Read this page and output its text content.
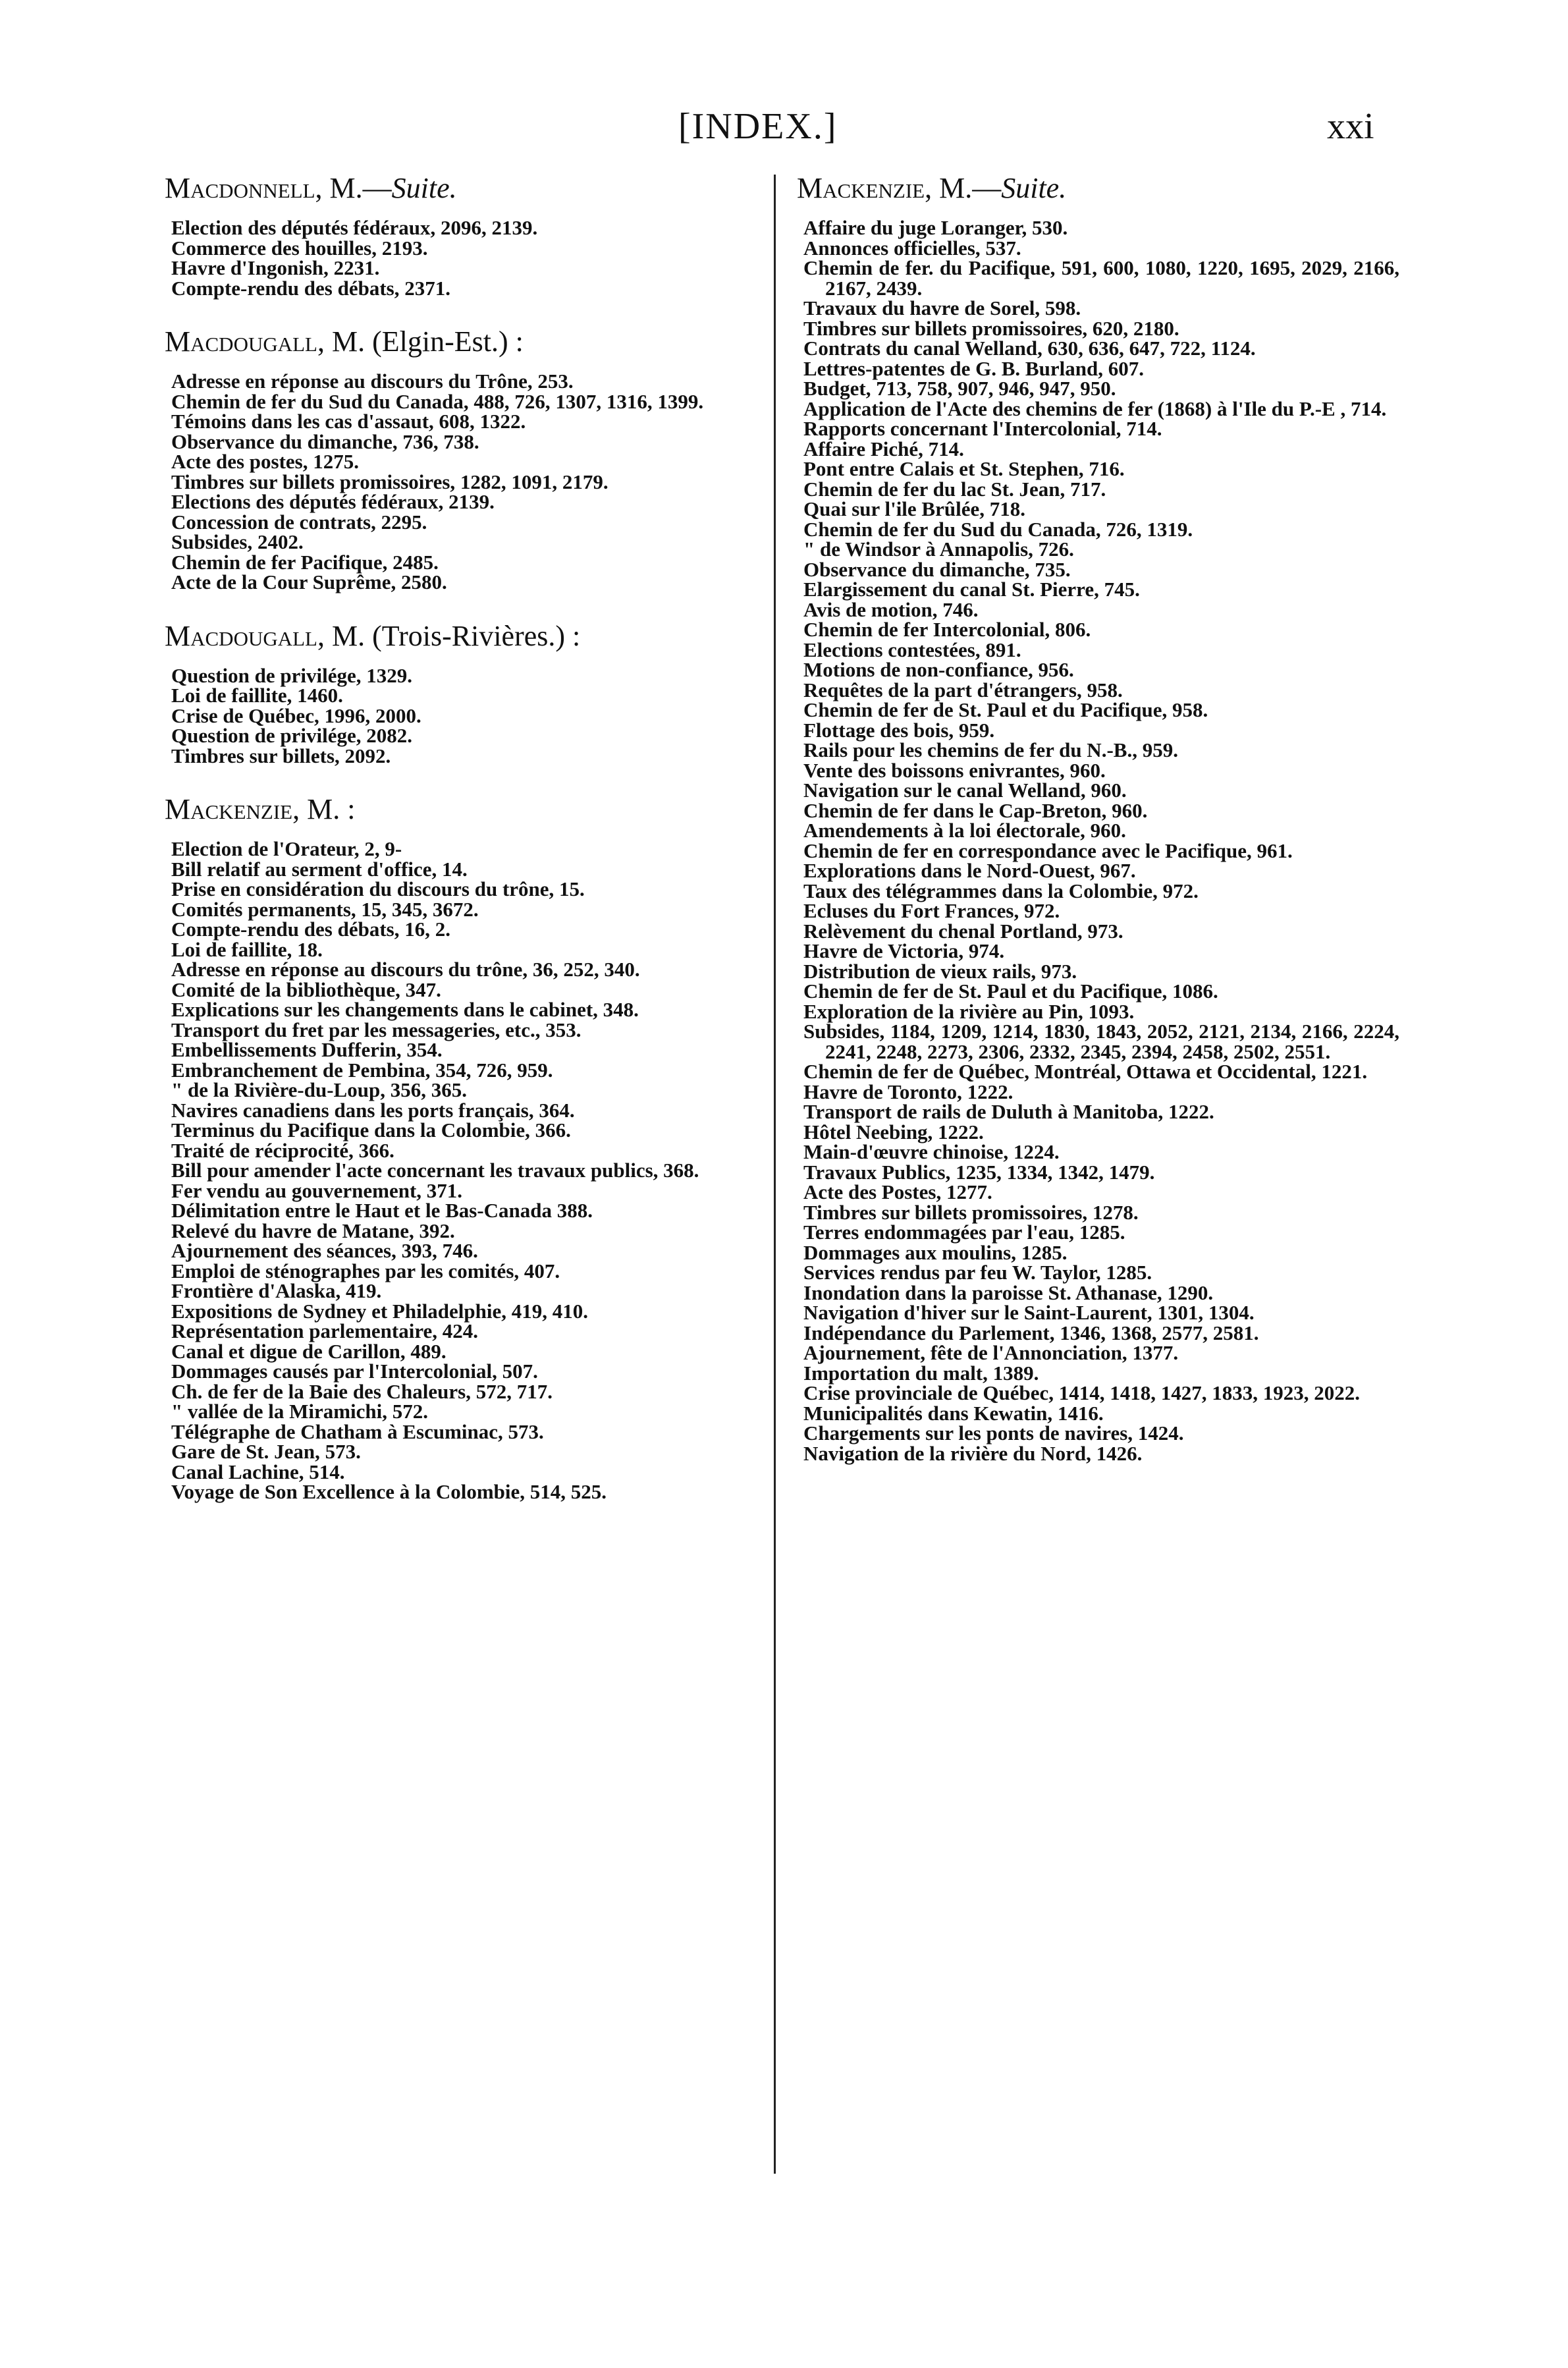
[INDEX.]	xxi
Macdonnell, M.—Suite.
Election des députés fédéraux, 2096, 2139.
Commerce des houilles, 2193.
Havre d'Ingonish, 2231.
Compte-rendu des débats, 2371.
Macdougall, M. (Elgin-Est.) :
Adresse en réponse au discours du Trône, 253.
Chemin de fer du Sud du Canada, 488, 726, 1307, 1316, 1399.
Témoins dans les cas d'assaut, 608, 1322.
Observance du dimanche, 736, 738.
Acte des postes, 1275.
Timbres sur billets promissoires, 1282, 1091, 2179.
Elections des députés fédéraux, 2139.
Concession de contrats, 2295.
Subsides, 2402.
Chemin de fer Pacifique, 2485.
Acte de la Cour Suprême, 2580.
Macdougall, M. (Trois-Rivières.) :
Question de privilége, 1329.
Loi de faillite, 1460.
Crise de Québec, 1996, 2000.
Question de privilége, 2082.
Timbres sur billets, 2092.
Mackenzie, M. :
Election de l'Orateur, 2, 9-
Bill relatif au serment d'office, 14.
Prise en considération du discours du trône, 15.
Comités permanents, 15, 345, 3672.
Compte-rendu des débats, 16, 2.
Loi de faillite, 18.
Adresse en réponse au discours du trône, 36, 252, 340.
Comité de la bibliothèque, 347.
Explications sur les changements dans le cabinet, 348.
Transport du fret par les messageries, etc., 353.
Embellissements Dufferin, 354.
Embranchement de Pembina, 354, 726, 959.
" de la Rivière-du-Loup, 356, 365.
Navires canadiens dans les ports français, 364.
Terminus du Pacifique dans la Colombie, 366.
Traité de réciprocité, 366.
Bill pour amender l'acte concernant les travaux publics, 368.
Fer vendu au gouvernement, 371.
Délimitation entre le Haut et le Bas-Canada 388.
Relevé du havre de Matane, 392.
Ajournement des séances, 393, 746.
Emploi de sténographes par les comités, 407.
Frontière d'Alaska, 419.
Expositions de Sydney et Philadelphie, 419, 410.
Représentation parlementaire, 424.
Canal et digue de Carillon, 489.
Dommages causés par l'Intercolonial, 507.
Ch. de fer de la Baie des Chaleurs, 572, 717.
" vallée de la Miramichi, 572.
Télégraphe de Chatham à Escuminac, 573.
Gare de St. Jean, 573.
Canal Lachine, 514.
Voyage de Son Excellence à la Colombie, 514, 525.
Mackenzie, M.—Suite.
Affaire du juge Loranger, 530.
Annonces officielles, 537.
Chemin de fer. du Pacifique, 591, 600, 1080, 1220, 1695, 2029, 2166, 2167, 2439.
Travaux du havre de Sorel, 598.
Timbres sur billets promissoires, 620, 2180.
Contrats du canal Welland, 630, 636, 647, 722, 1124.
Lettres-patentes de G. B. Burland, 607.
Budget, 713, 758, 907, 946, 947, 950.
Application de l'Acte des chemins de fer (1868) à l'Ile du P.-E , 714.
Rapports concernant l'Intercolonial, 714.
Affaire Piché, 714.
Pont entre Calais et St. Stephen, 716.
Chemin de fer du lac St. Jean, 717.
Quai sur l'ile Brûlée, 718.
Chemin de fer du Sud du Canada, 726, 1319.
" de Windsor à Annapolis, 726.
Observance du dimanche, 735.
Elargissement du canal St. Pierre, 745.
Avis de motion, 746.
Chemin de fer Intercolonial, 806.
Elections contestées, 891.
Motions de non-confiance, 956.
Requêtes de la part d'étrangers, 958.
Chemin de fer de St. Paul et du Pacifique, 958.
Flottage des bois, 959.
Rails pour les chemins de fer du N.-B., 959.
Vente des boissons enivrantes, 960.
Navigation sur le canal Welland, 960.
Chemin de fer dans le Cap-Breton, 960.
Amendements à la loi électorale, 960.
Chemin de fer en correspondance avec le Pacifique, 961.
Explorations dans le Nord-Ouest, 967.
Taux des télégrammes dans la Colombie, 972.
Ecluses du Fort Frances, 972.
Relèvement du chenal Portland, 973.
Havre de Victoria, 974.
Distribution de vieux rails, 973.
Chemin de fer de St. Paul et du Pacifique, 1086.
Exploration de la rivière au Pin, 1093.
Subsides, 1184, 1209, 1214, 1830, 1843, 2052, 2121, 2134, 2166, 2224, 2241, 2248, 2273, 2306, 2332, 2345, 2394, 2458, 2502, 2551.
Chemin de fer de Québec, Montréal, Ottawa et Occidental, 1221.
Havre de Toronto, 1222.
Transport de rails de Duluth à Manitoba, 1222.
Hôtel Neebing, 1222.
Main-d'œuvre chinoise, 1224.
Travaux Publics, 1235, 1334, 1342, 1479.
Acte des Postes, 1277.
Timbres sur billets promissoires, 1278.
Terres endommagées par l'eau, 1285.
Dommages aux moulins, 1285.
Services rendus par feu W. Taylor, 1285.
Inondation dans la paroisse St. Athanase, 1290.
Navigation d'hiver sur le Saint-Laurent, 1301, 1304.
Indépendance du Parlement, 1346, 1368, 2577, 2581.
Ajournement, fête de l'Annonciation, 1377.
Importation du malt, 1389.
Crise provinciale de Québec, 1414, 1418, 1427, 1833, 1923, 2022.
Municipalités dans Kewatin, 1416.
Chargements sur les ponts de navires, 1424.
Navigation de la rivière du Nord, 1426.
